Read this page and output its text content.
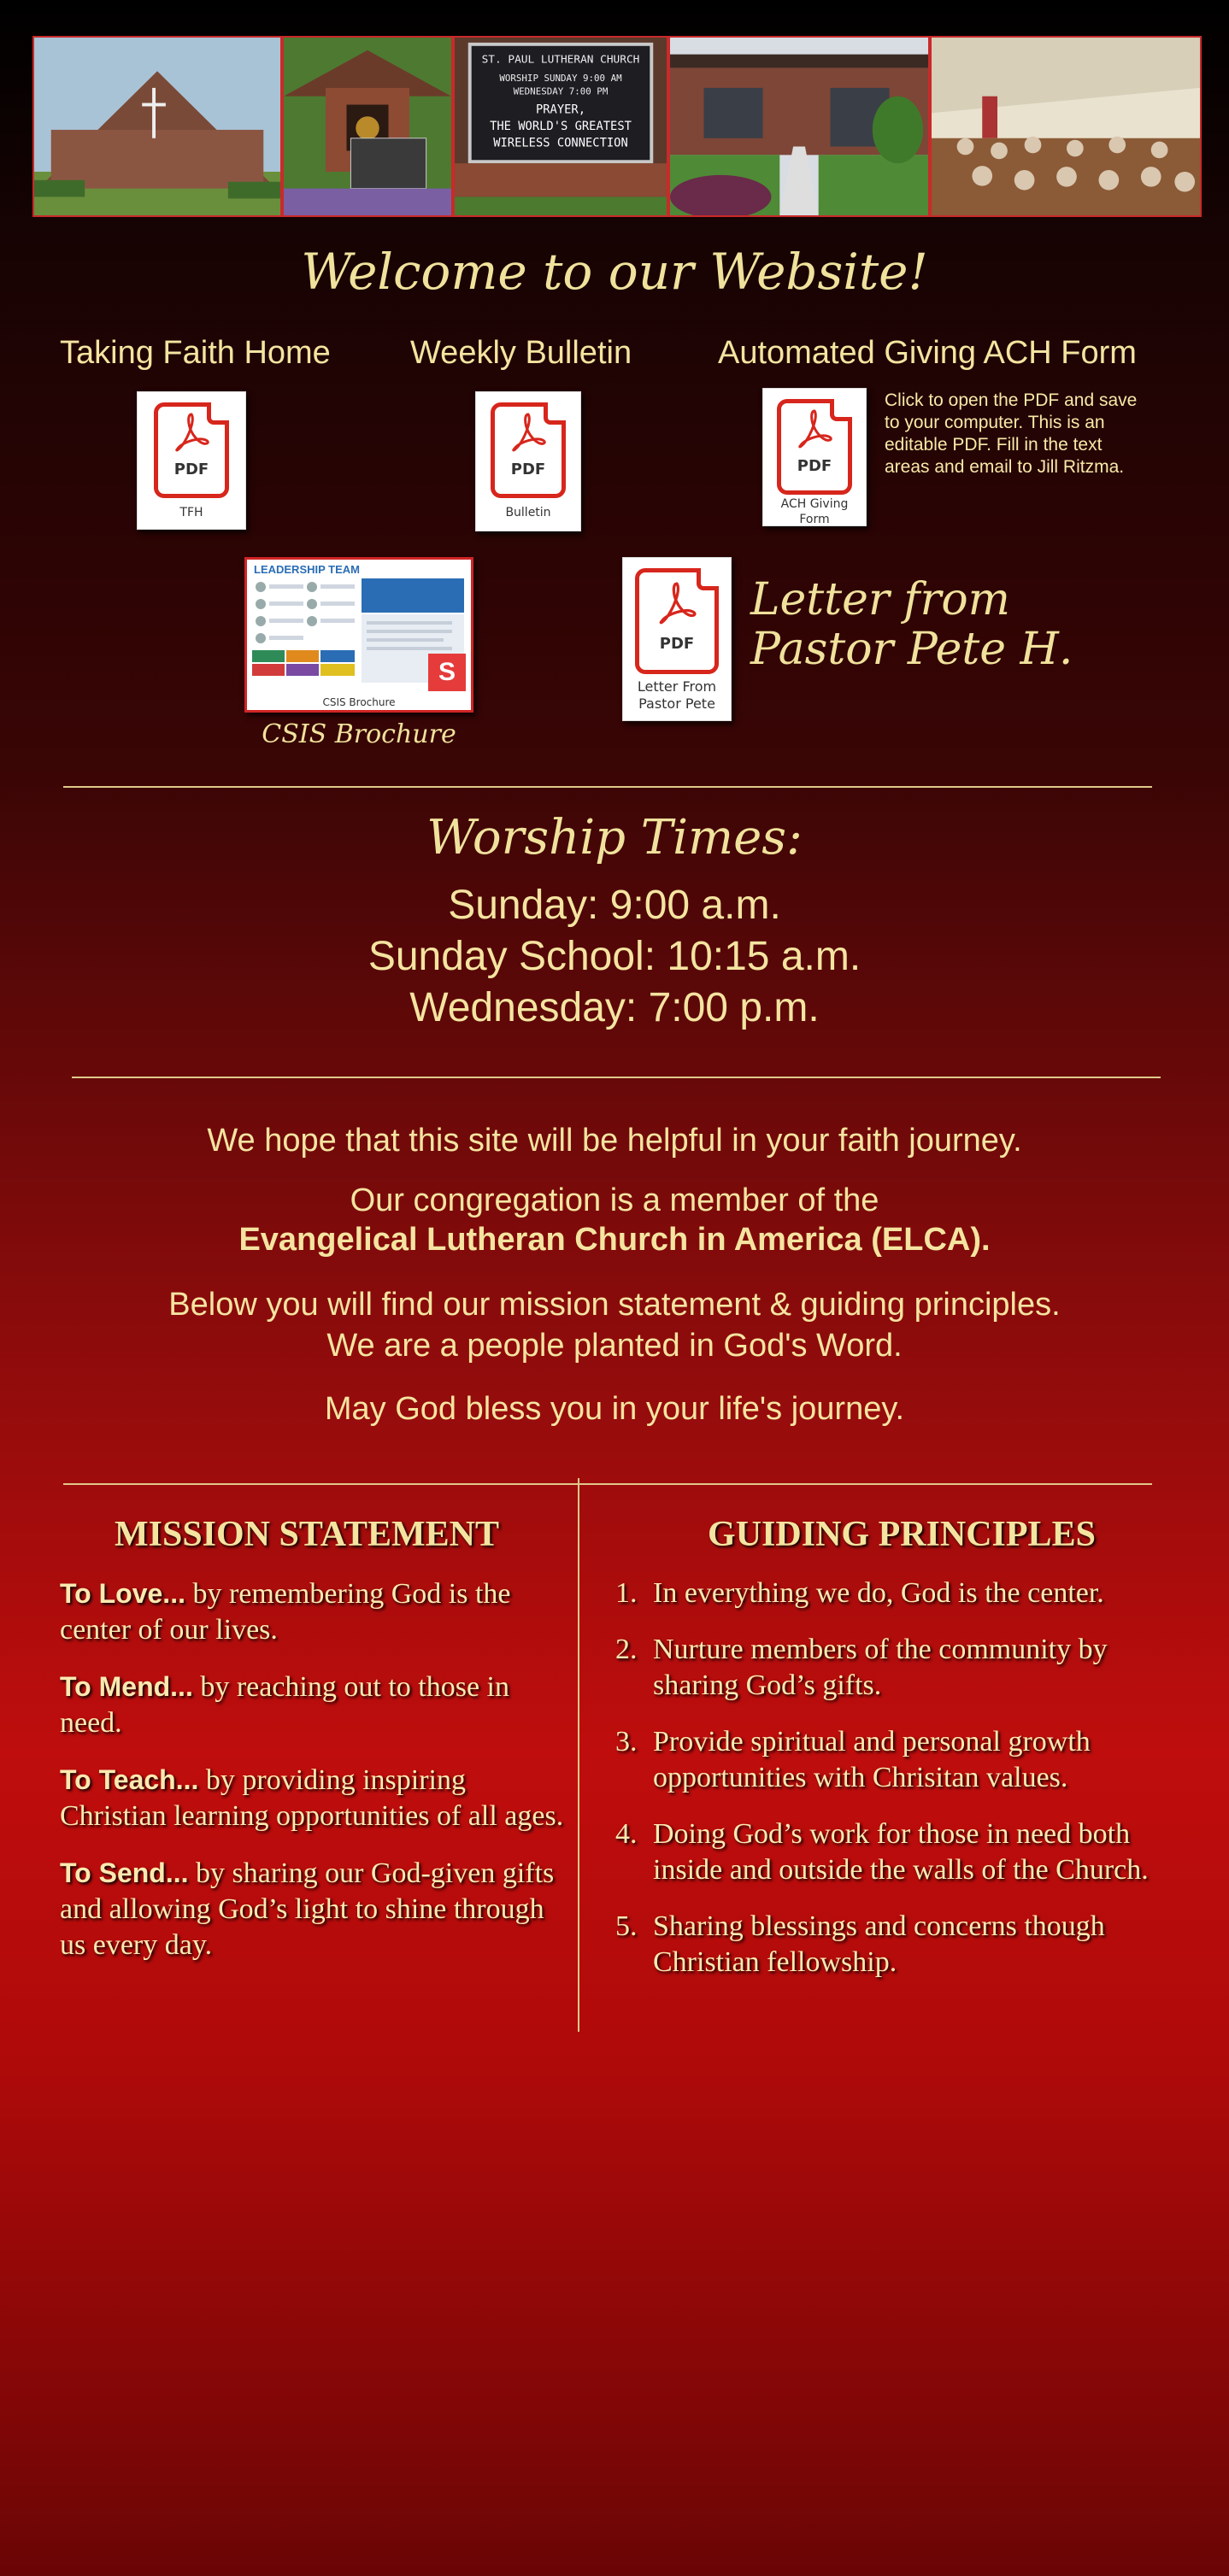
ST. PAUL LUTHERAN CHURCH
WORSHIP SUNDAY 9:00 AM
WEDNESDAY 7:00 PM
PRAYER,
THE WORLD'S GREATEST
WIRELESS CONNECTION
Welcome to our Website!
Taking Faith Home Weekly Bulletin	Automated Giving ACH Form
PDF
TFH
PDF
Bulletin
PDF
ACH Giving
Form
Click to open the PDF and save to your computer. This is an editable PDF. Fill in the text areas and email to Jill Ritzma.
LEADERSHIP TEAM
S
CSIS Brochure
CSIS Brochure
PDF
Letter From
Pastor Pete
Letter from
Pastor Pete H.
Worship Times:
Sunday: 9:00 a.m.
Sunday School: 10:15 a.m.
Wednesday: 7:00 p.m.
We hope that this site will be helpful in your faith journey.
Our congregation is a member of the
Evangelical Lutheran Church in America (ELCA).
Below you will find our mission statement & guiding principles.
We are a people planted in God's Word.
May God bless you in your life's journey.
MISSION STATEMENT

To Love... by remembering God is the center of our lives.

To Mend... by reaching out to those in need.

To Teach... by providing inspiring Christian learning opportunities of all ages.

To Send... by sharing our God-given gifts and allowing God’s light to shine through us every day.

GUIDING PRINCIPLES
1. In everything we do, God is the center.
2. Nurture members of the community by sharing God’s gifts.
3. Provide spiritual and personal growth opportunities with Chrisitan values.
4. Doing God’s work for those in need both inside and outside the walls of the Church.
5. Sharing blessings and concerns though Christian fellowship.
